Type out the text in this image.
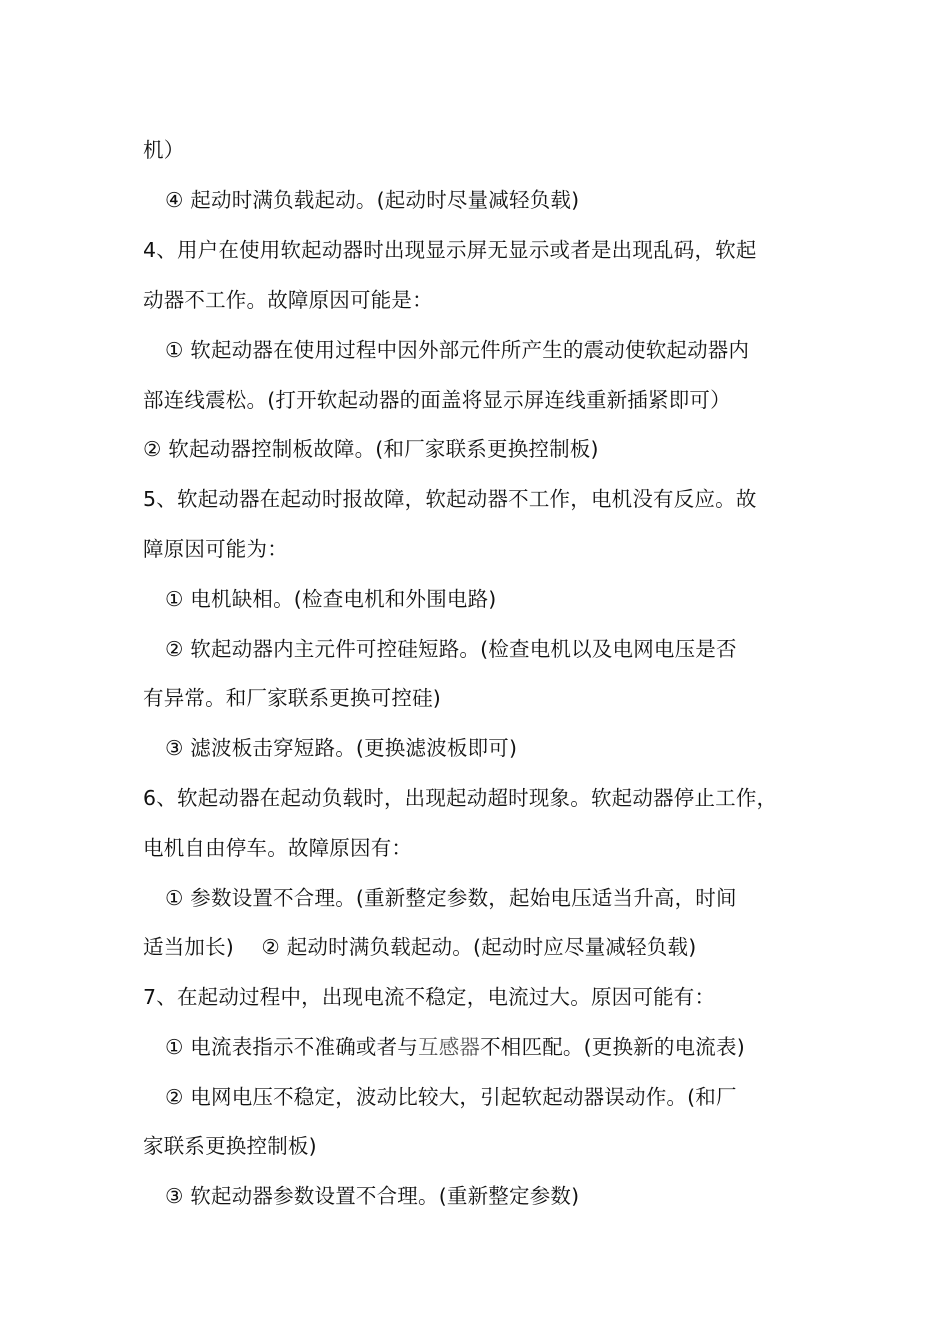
机）
④ 起动时满负载起动。(起动时尽量减轻负载)
4、用户在使用软起动器时出现显示屏无显示或者是出现乱码，软起
动器不工作。故障原因可能是：
① 软起动器在使用过程中因外部元件所产生的震动使软起动器内
部连线震松。(打开软起动器的面盖将显示屏连线重新插紧即可）
② 软起动器控制板故障。(和厂家联系更换控制板)
5、软起动器在起动时报故障，软起动器不工作，电机没有反应。故
障原因可能为：
① 电机缺相。(检查电机和外围电路)
② 软起动器内主元件可控硅短路。(检查电机以及电网电压是否
有异常。和厂家联系更换可控硅)
③ 滤波板击穿短路。(更换滤波板即可)
6、软起动器在起动负载时，出现起动超时现象。软起动器停止工作，
电机自由停车。故障原因有：
① 参数设置不合理。(重新整定参数，起始电压适当升高，时间
适当加长)　 ② 起动时满负载起动。(起动时应尽量减轻负载)
7、在起动过程中，出现电流不稳定，电流过大。原因可能有：
① 电流表指示不准确或者与互感器不相匹配。(更换新的电流表)
② 电网电压不稳定，波动比较大，引起软起动器误动作。(和厂
家联系更换控制板)
③ 软起动器参数设置不合理。(重新整定参数)
